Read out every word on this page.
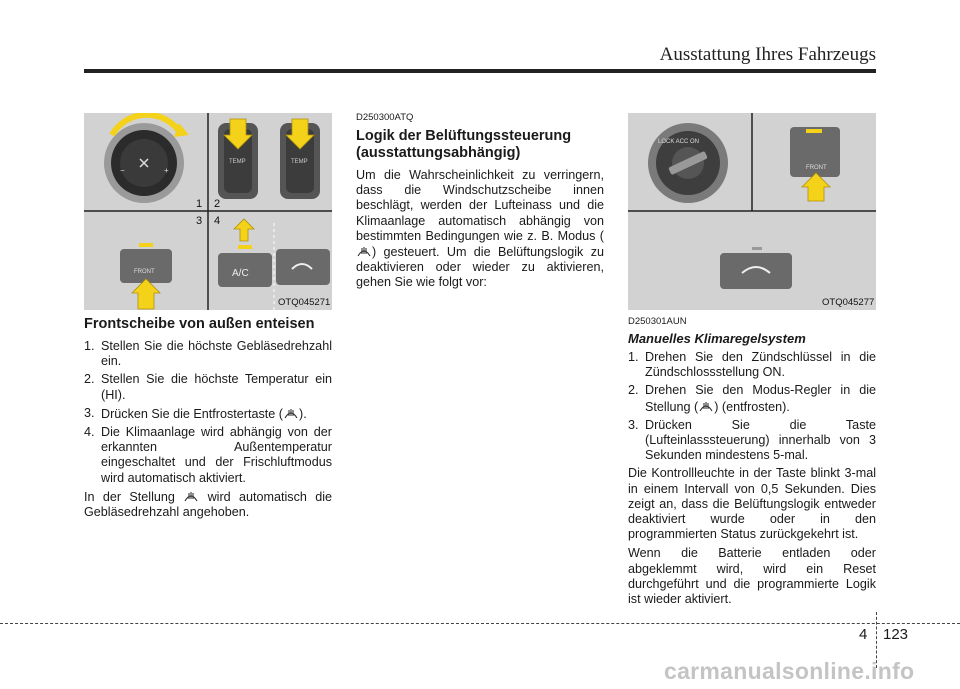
Ausstattung Ihres Fahrzeugs
−	+
TEMP	TEMP
1 2
3 4
FRONT	A/C
OTQ045271
LOCK ACC ON
FRONT
OTQ045277
Frontscheibe von außen enteisen
1. Stellen Sie die höchste Gebläsedrehzahl ein.
2. Stellen Sie die höchste Temperatur ein (HI).
3. Drücken Sie die Entfrostertaste ( ).
4. Die Klimaanlage wird abhängig von der erkannten Außentemperatur eingeschaltet und der Frischluftmodus wird automatisch aktiviert.

In der Stellung	wird automatisch die Gebläsedrehzahl angehoben.

D250300ATQ
Logik der Belüftungssteuerung (ausstattungsabhängig)

Um die Wahrscheinlichkeit zu verringern, dass die Windschutzscheibe innen beschlägt, werden der Lufteinass und die Klimaanlage automatisch abhängig von bestimmten Bedingungen wie z. B. Modus () gesteuert. Um die Belüftungslogik zu deaktivieren oder wieder zu aktivieren, gehen Sie wie folgt vor:

D250301AUN
Manuelles Klimaregelsystem
1. Drehen Sie den Zündschlüssel in die Zündschlossstellung ON.
2. Drehen Sie den Modus-Regler in die Stellung ( ) (entfrosten).
3. Drücken Sie die Taste (Lufteinlasssteuerung) innerhalb von 3 Sekunden mindestens 5-mal.

Die Kontrollleuchte in der Taste blinkt 3-mal in einem Intervall von 0,5 Sekunden. Dies zeigt an, dass die Belüftungslogik entweder deaktiviert wurde oder in den programmierten Status zurückgekehrt ist.

Wenn die Batterie entladen oder abgeklemmt wird, wird ein Reset durchgeführt und die programmierte Logik ist wieder aktiviert.

4 123
carmanualsonline.info
